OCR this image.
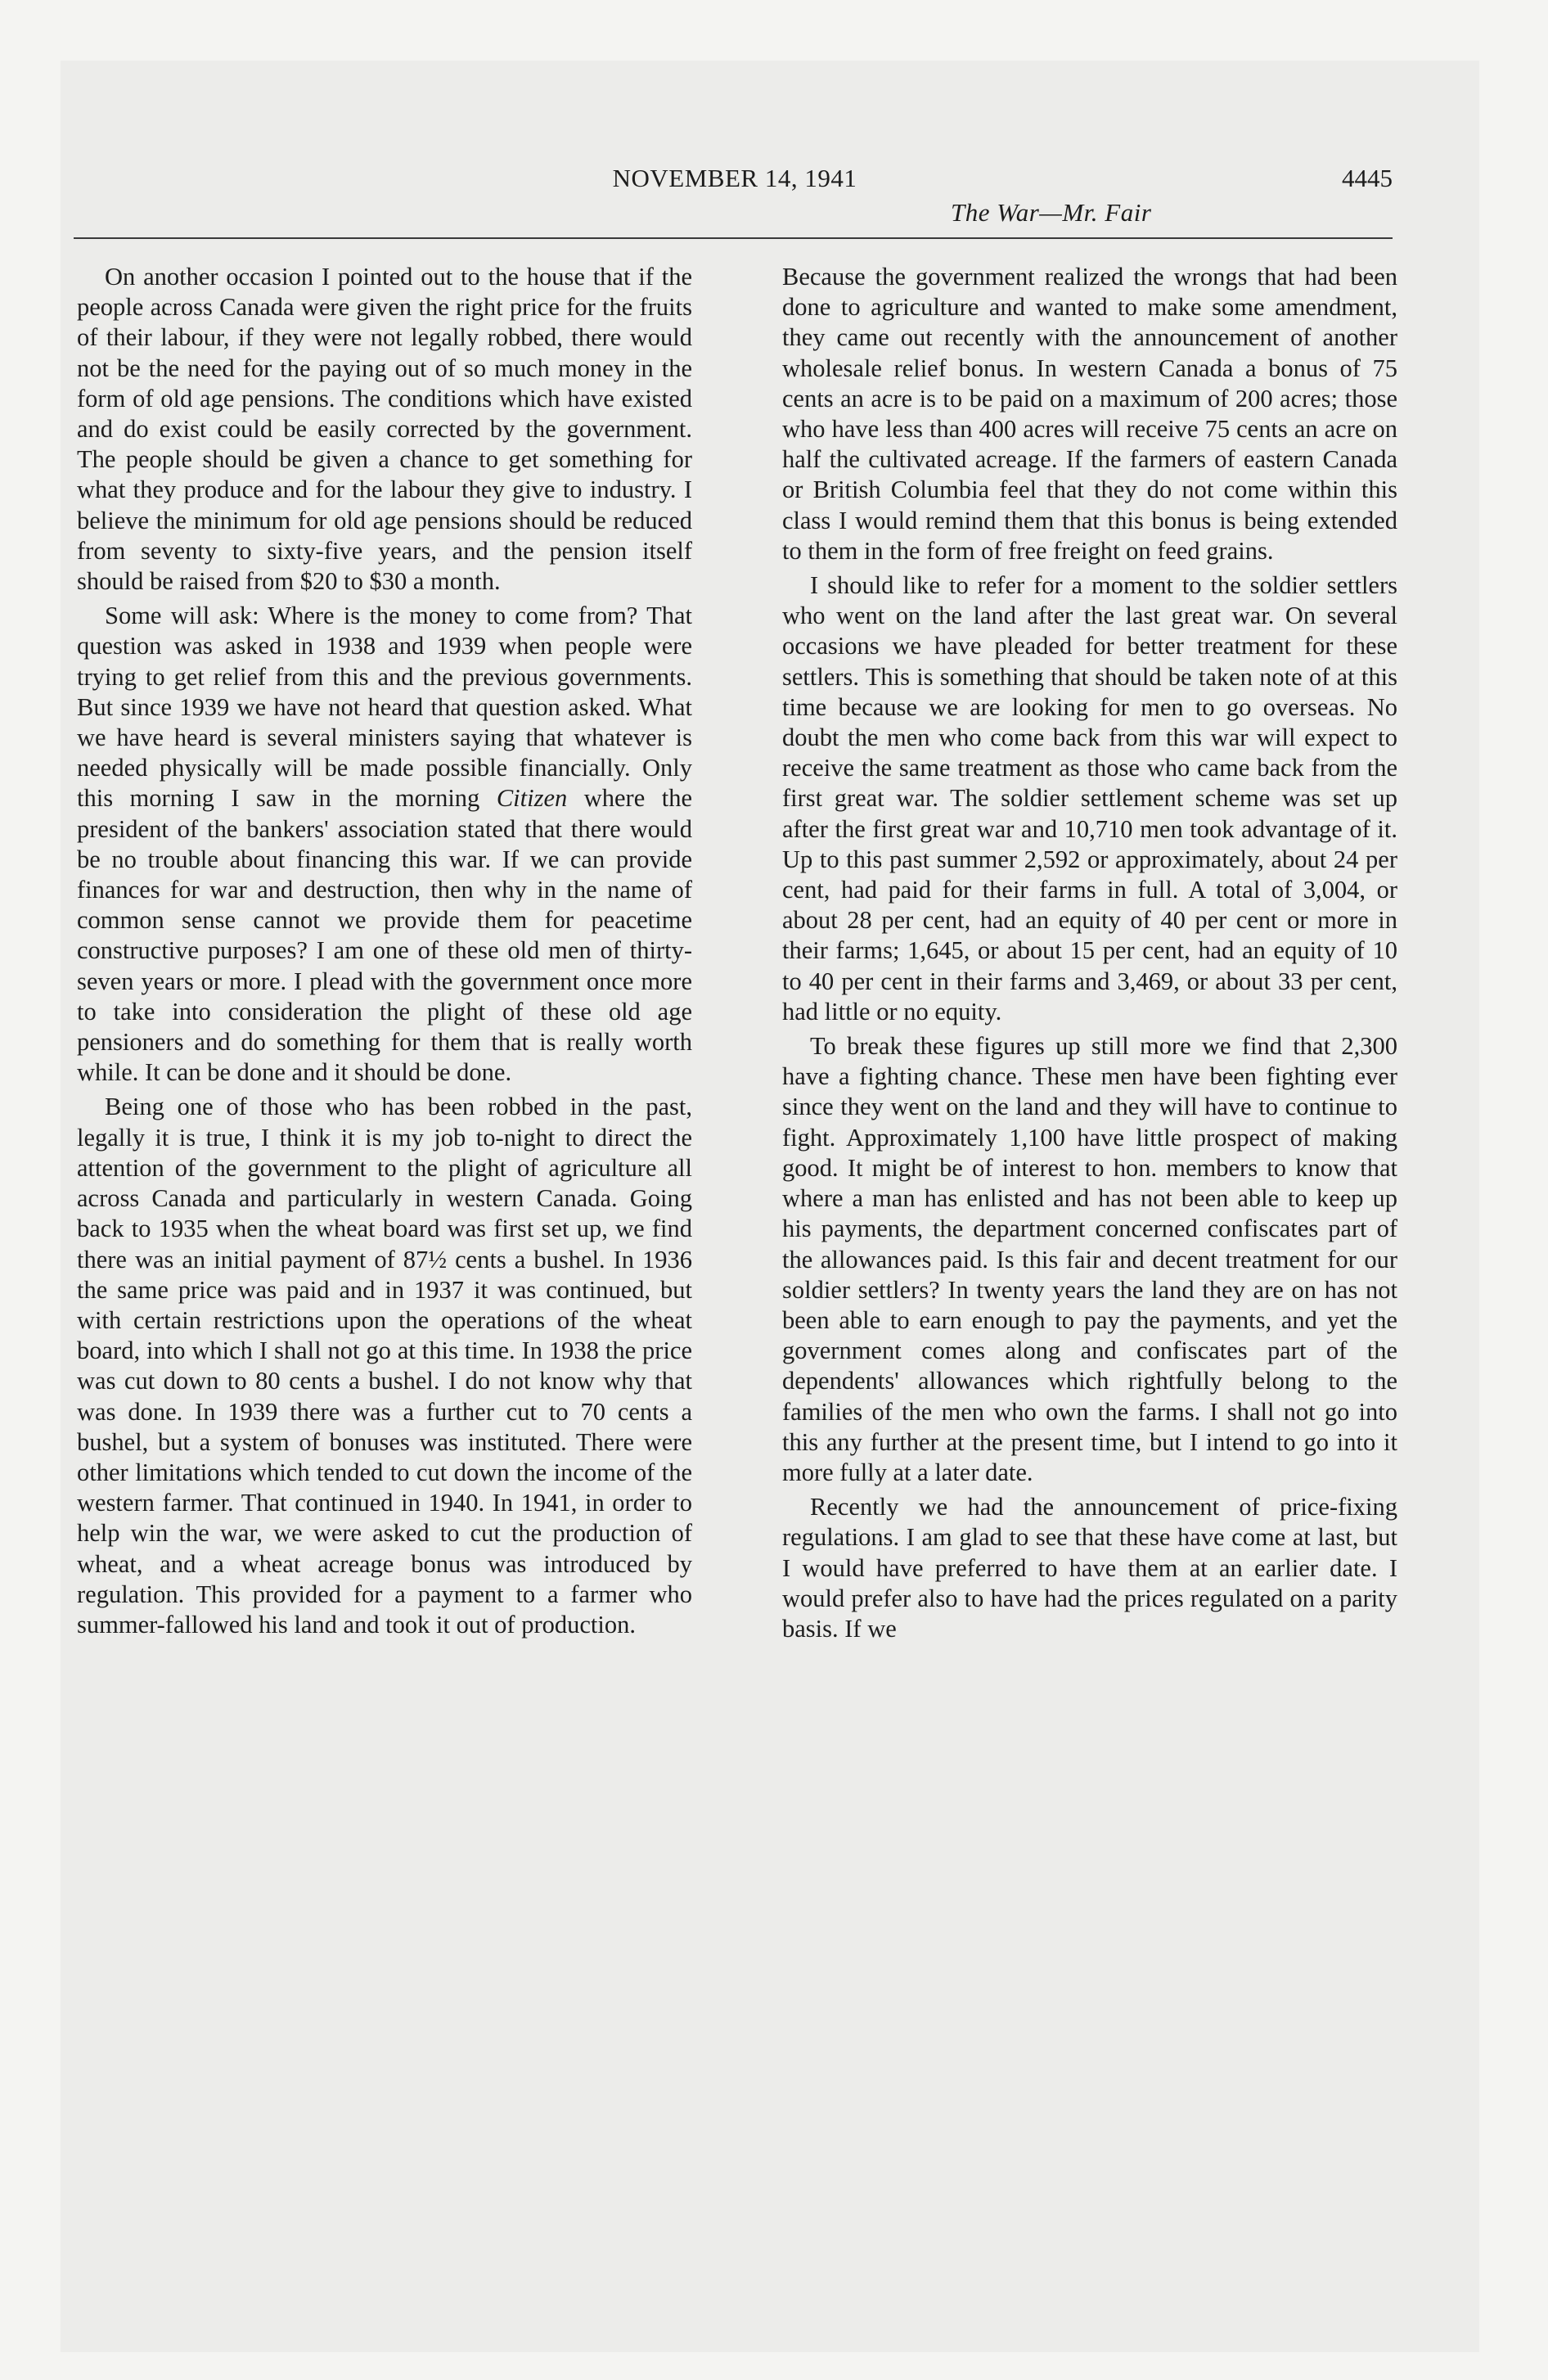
NOVEMBER 14, 1941	4445
The War—Mr. Fair

On another occasion I pointed out to the house that if the people across Canada were given the right price for the fruits of their labour, if they were not legally robbed, there would not be the need for the paying out of so much money in the form of old age pensions. The conditions which have existed and do exist could be easily corrected by the government. The people should be given a chance to get something for what they produce and for the labour they give to industry. I believe the minimum for old age pensions should be reduced from seventy to sixty-five years, and the pension itself should be raised from $20 to $30 a month.

Some will ask: Where is the money to come from? That question was asked in 1938 and 1939 when people were trying to get relief from this and the previous governments. But since 1939 we have not heard that question asked. What we have heard is several ministers saying that whatever is needed physically will be made possible financially. Only this morning I saw in the morning Citizen where the president of the bankers' association stated that there would be no trouble about financing this war. If we can provide finances for war and destruction, then why in the name of common sense cannot we provide them for peacetime constructive purposes? I am one of these old men of thirty-seven years or more. I plead with the government once more to take into consideration the plight of these old age pensioners and do something for them that is really worth while. It can be done and it should be done.

Being one of those who has been robbed in the past, legally it is true, I think it is my job to-night to direct the attention of the government to the plight of agriculture all across Canada and particularly in western Canada. Going back to 1935 when the wheat board was first set up, we find there was an initial payment of 87½ cents a bushel. In 1936 the same price was paid and in 1937 it was continued, but with certain restrictions upon the operations of the wheat board, into which I shall not go at this time. In 1938 the price was cut down to 80 cents a bushel. I do not know why that was done. In 1939 there was a further cut to 70 cents a bushel, but a system of bonuses was instituted. There were other limitations which tended to cut down the income of the western farmer. That continued in 1940. In 1941, in order to help win the war, we were asked to cut the production of wheat, and a wheat acreage bonus was introduced by regulation. This provided for a payment to a farmer who summer-fallowed his land and took it out of production.

Because the government realized the wrongs that had been done to agriculture and wanted to make some amendment, they came out recently with the announcement of another wholesale relief bonus. In western Canada a bonus of 75 cents an acre is to be paid on a maximum of 200 acres; those who have less than 400 acres will receive 75 cents an acre on half the cultivated acreage. If the farmers of eastern Canada or British Columbia feel that they do not come within this class I would remind them that this bonus is being extended to them in the form of free freight on feed grains.

I should like to refer for a moment to the soldier settlers who went on the land after the last great war. On several occasions we have pleaded for better treatment for these settlers. This is something that should be taken note of at this time because we are looking for men to go overseas. No doubt the men who come back from this war will expect to receive the same treatment as those who came back from the first great war. The soldier settlement scheme was set up after the first great war and 10,710 men took advantage of it. Up to this past summer 2,592 or approximately, about 24 per cent, had paid for their farms in full. A total of 3,004, or about 28 per cent, had an equity of 40 per cent or more in their farms; 1,645, or about 15 per cent, had an equity of 10 to 40 per cent in their farms and 3,469, or about 33 per cent, had little or no equity.

To break these figures up still more we find that 2,300 have a fighting chance. These men have been fighting ever since they went on the land and they will have to continue to fight. Approximately 1,100 have little prospect of making good. It might be of interest to hon. members to know that where a man has enlisted and has not been able to keep up his payments, the department concerned confiscates part of the allowances paid. Is this fair and decent treatment for our soldier settlers? In twenty years the land they are on has not been able to earn enough to pay the payments, and yet the government comes along and confiscates part of the dependents' allowances which rightfully belong to the families of the men who own the farms. I shall not go into this any further at the present time, but I intend to go into it more fully at a later date.

Recently we had the announcement of price-fixing regulations. I am glad to see that these have come at last, but I would have preferred to have them at an earlier date. I would prefer also to have had the prices regulated on a parity basis. If we
